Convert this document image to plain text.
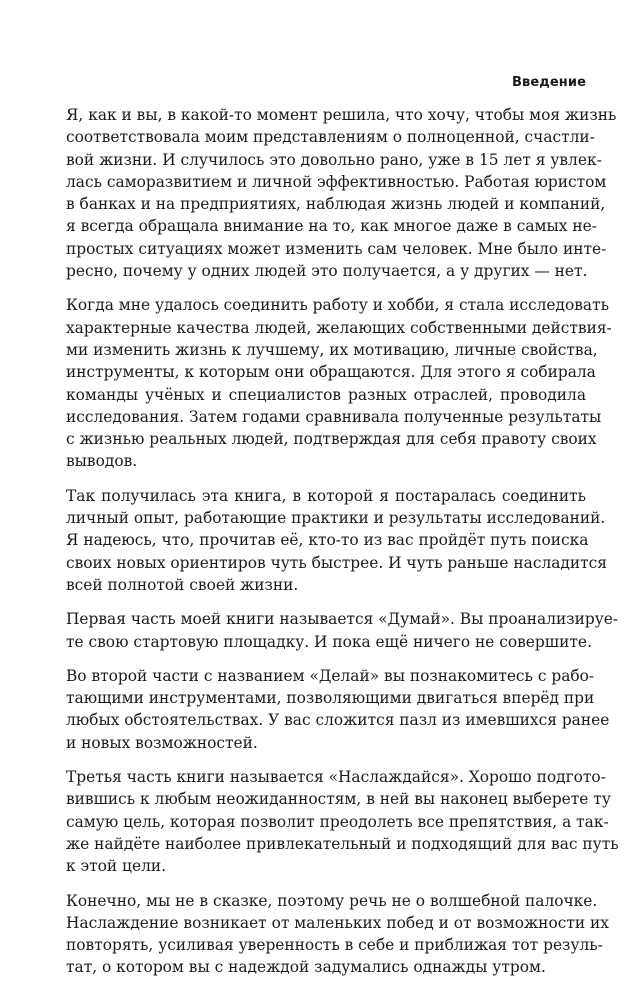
Введение

Я, как и вы, в какой-то момент решила, что хочу, чтобы моя жизнь
соответствовала моим представлениям о полноценной, счастли-
вой жизни. И случилось это довольно рано, уже в 15 лет я увлек-
лась саморазвитием и личной эффективностью. Работая юристом
в банках и на предприятиях, наблюдая жизнь людей и компаний,
я всегда обращала внимание на то, как многое даже в самых не-
простых ситуациях может изменить сам человек. Мне было инте-
ресно, почему у одних людей это получается, а у других — нет.

Когда мне удалось соединить работу и хобби, я стала исследовать
характерные качества людей, желающих собственными действия-
ми изменить жизнь к лучшему, их мотивацию, личные свойства,
инструменты, к которым они обращаются. Для этого я собирала
команды учёных и специалистов разных отраслей, проводила
исследования. Затем годами сравнивала полученные результаты
с жизнью реальных людей, подтверждая для себя правоту своих
выводов.

Так получилась эта книга, в которой я постаралась соединить
личный опыт, работающие практики и результаты исследований.
Я надеюсь, что, прочитав её, кто-то из вас пройдёт путь поиска
своих новых ориентиров чуть быстрее. И чуть раньше насладится
всей полнотой своей жизни.

Первая часть моей книги называется «Думай». Вы проанализируе-
те свою стартовую площадку. И пока ещё ничего не совершите.

Во второй части с названием «Делай» вы познакомитесь с рабо-
тающими инструментами, позволяющими двигаться вперёд при
любых обстоятельствах. У вас сложится пазл из имевшихся ранее
и новых возможностей.

Третья часть книги называется «Наслаждайся». Хорошо подгото-
вившись к любым неожиданностям, в ней вы наконец выберете ту
самую цель, которая позволит преодолеть все препятствия, а так-
же найдёте наиболее привлекательный и подходящий для вас путь
к этой цели.

Конечно, мы не в сказке, поэтому речь не о волшебной палочке.
Наслаждение возникает от маленьких побед и от возможности их
повторять, усиливая уверенность в себе и приближая тот резуль-
тат, о котором вы с надеждой задумались однажды утром.
